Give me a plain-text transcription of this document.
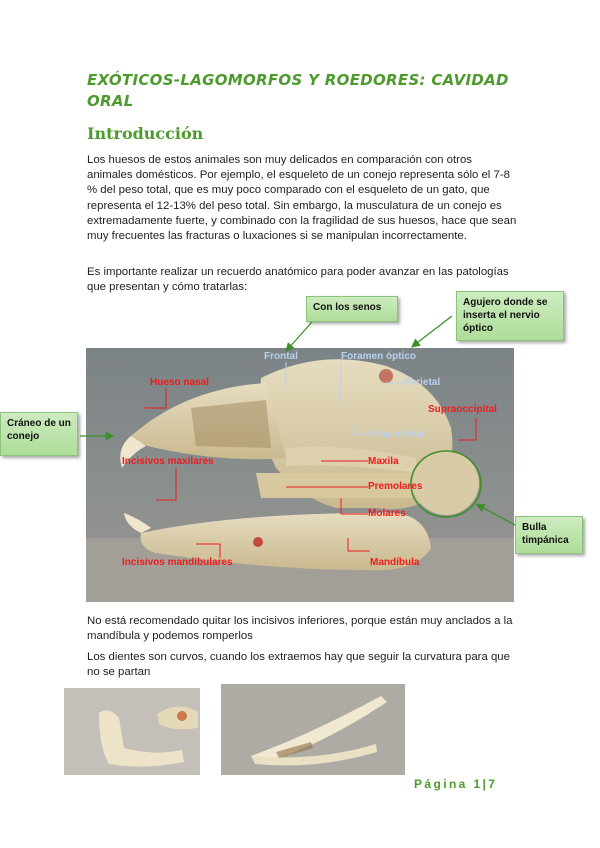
EXÓTICOS-LAGOMORFOS Y ROEDORES: CAVIDAD ORAL
Introducción
Los huesos de estos animales son muy delicados en comparación con otros animales domésticos. Por ejemplo, el esqueleto de un conejo representa sólo el 7-8 % del peso total, que es muy poco comparado con el esqueleto de un gato, que representa el 12-13% del peso total. Sin embargo, la musculatura de un conejo es extremadamente fuerte, y combinado con la fragilidad de sus huesos, hace que sean muy frecuentes las fracturas o luxaciones si se manipulan incorrectamente.
Es importante realizar un recuerdo anatómico para poder avanzar en las patologías que presentan y cómo tratarlas:
Con los senos	Agujero donde se inserta el nervio óptico
Cráneo de un conejo
Bulla timpánica
Frontal	Foramen óptico
Parietal
Fosa orbital
Hueso nasal
Supraoccipital
Incisivos maxilares	Maxila
Premolares
Molares
Incisivos mandibulares	Mandíbula
No está recomendado quitar los incisivos inferiores, porque están muy anclados a la mandíbula y podemos romperlos
Los dientes son curvos, cuando los extraemos hay que seguir la curvatura para que no se partan
Página 1|7
